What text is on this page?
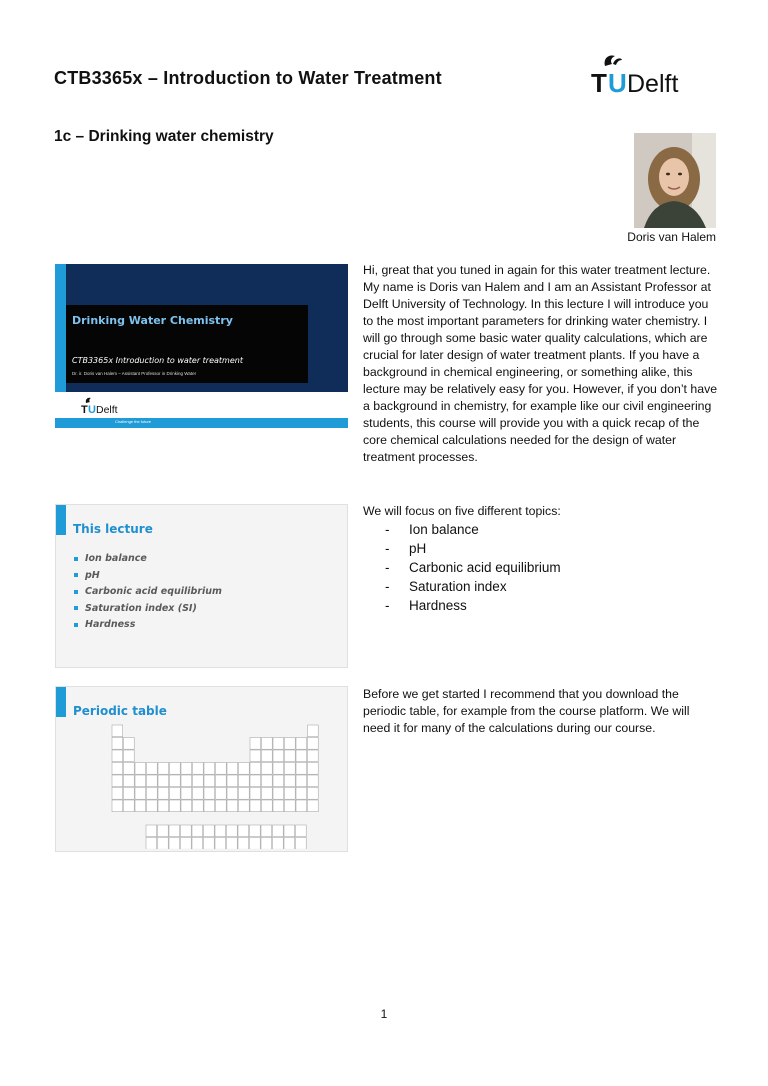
CTB3365x – Introduction to Water Treatment	T U Delft
1c – Drinking water chemistry
Doris van Halem
Drinking Water Chemistry
CTB3365x Introduction to water treatment
Dr. ir. Doris van Halem – Assistant Professor in Drinking Water
T U Delft
Challenge the future
This lecture
Ion balance
pH
Carbonic acid equilibrium
Saturation index (SI)
Hardness
Periodic table
Hi, great that you tuned in again for this water treatment lecture. My name is Doris van Halem and I am an Assistant Professor at Delft University of Technology. In this lecture I will introduce you to the most important parameters for drinking water chemistry. I will go through some basic water quality calculations, which are crucial for later design of water treatment plants. If you have a background in chemical engineering, or something alike, this lecture may be relatively easy for you. However, if you don’t have a background in chemistry, for example like our civil engineering students, this course will provide you with a quick recap of the core chemical calculations needed for the design of water treatment processes.
We will focus on five different topics:
- Ion balance
- pH
- Carbonic acid equilibrium
- Saturation index
- Hardness
Before we get started I recommend that you download the periodic table, for example from the course platform. We will need it for many of the calculations during our course.
1
